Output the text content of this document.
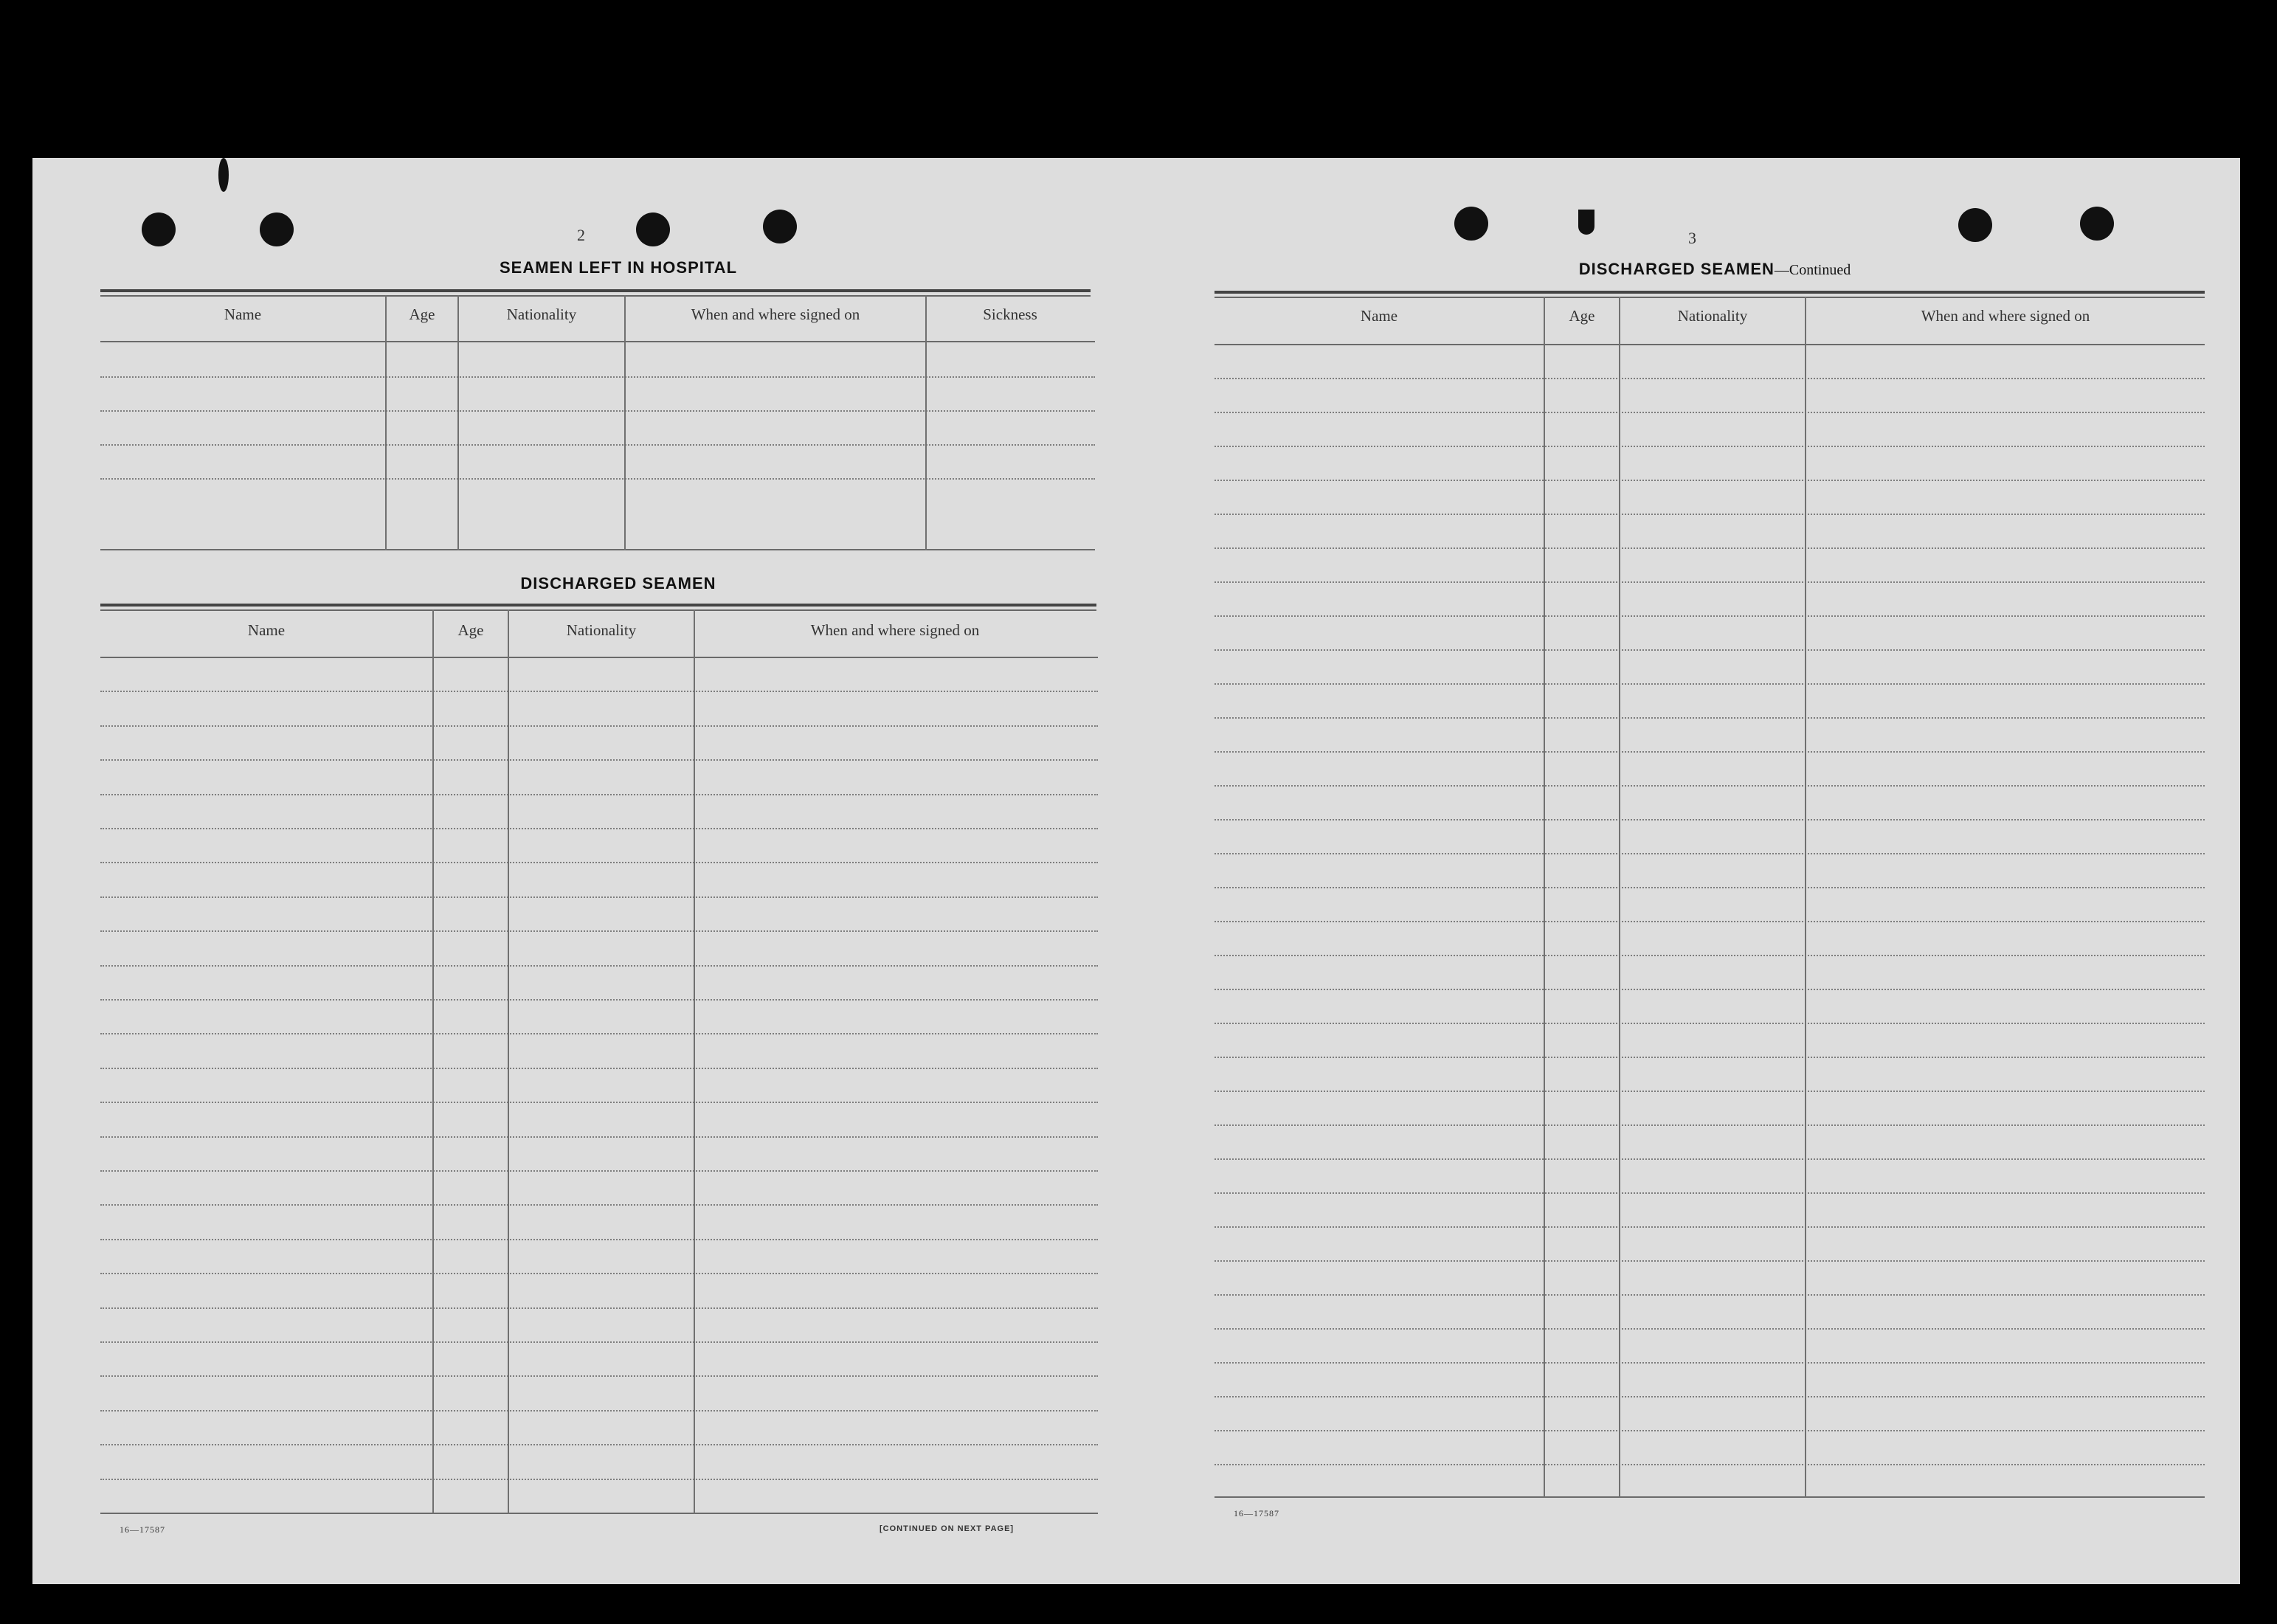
2
SEAMEN LEFT IN HOSPITAL
Name	Age	Nationality	When and where signed on	Sickness
DISCHARGED SEAMEN
Name	Age	Nationality	When and where signed on
16—17587	[CONTINUED ON NEXT PAGE]
3
DISCHARGED SEAMEN—Continued
Name	Age	Nationality	When and where signed on
16—17587
